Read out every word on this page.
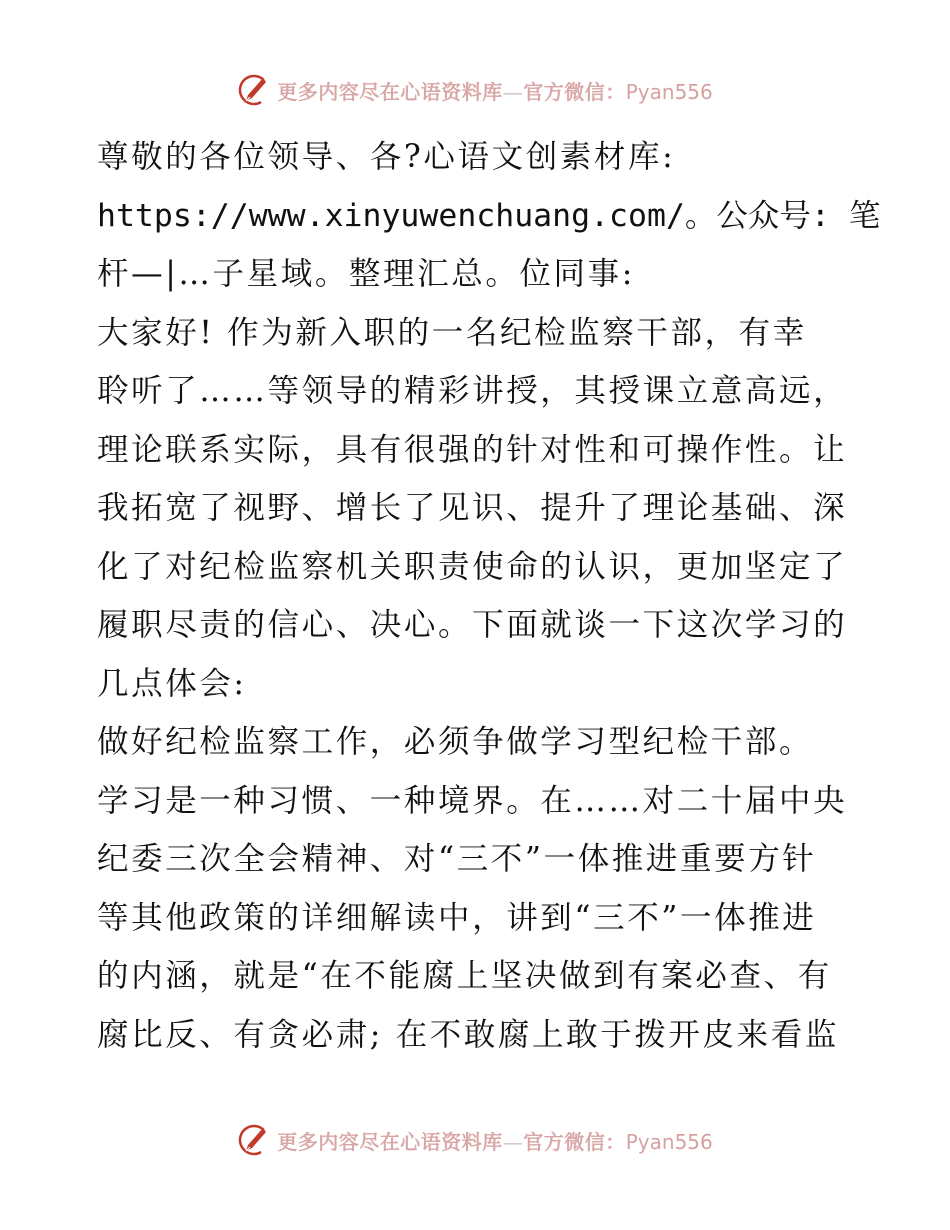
更多内容尽在心语资料库—官方微信：Pyan556
尊敬的各位领导、各?心语文创素材库:
https://www.xinyuwenchuang.com/。公众号: 笔
杆—|…子星域。整理汇总。位同事:
大家好! 作为新入职的一名纪检监察干部，有幸
聆听了……等领导的精彩讲授，其授课立意高远，
理论联系实际，具有很强的针对性和可操作性。让
我拓宽了视野、增长了见识、提升了理论基础、深
化了对纪检监察机关职责使命的认识，更加坚定了
履职尽责的信心、决心。下面就谈一下这次学习的
几点体会:
做好纪检监察工作，必须争做学习型纪检干部。
学习是一种习惯、一种境界。在……对二十届中央
纪委三次全会精神、对“三不”一体推进重要方针
等其他政策的详细解读中，讲到“三不”一体推进
的内涵，就是“在不能腐上坚决做到有案必查、有
腐比反、有贪必肃; 在不敢腐上敢于拨开皮来看监
更多内容尽在心语资料库—官方微信：Pyan556
